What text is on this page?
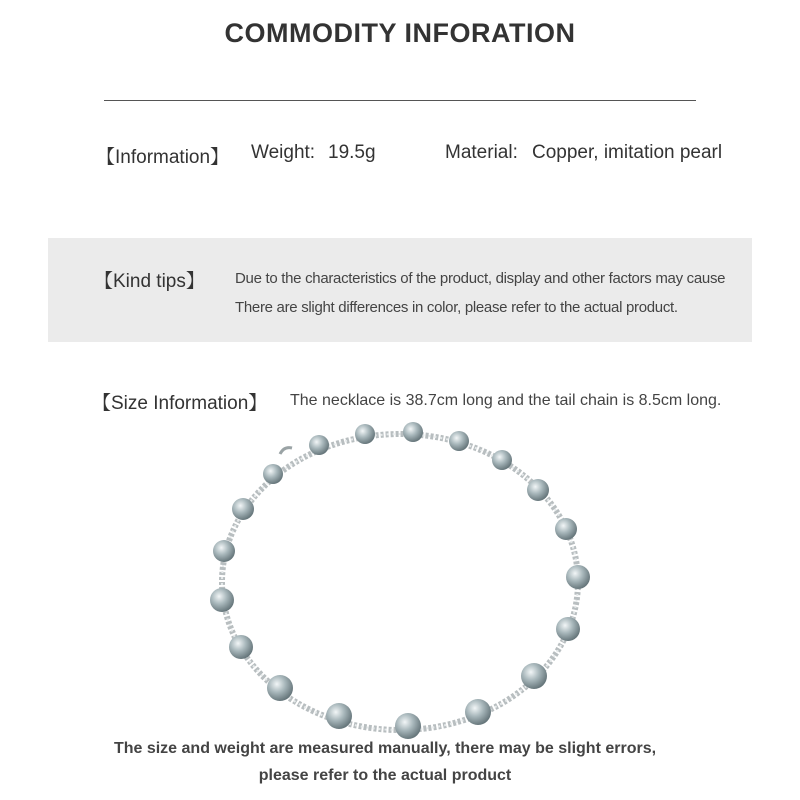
COMMODITY INFORATION
【Information】 Weight: 19.5g	Material: Copper, imitation pearl
【Kind tips】 Due to the characteristics of the product, display and other factors may cause
There are slight differences in color, please refer to the actual product.
【Size Information】 The necklace is 38.7cm long and the tail chain is 8.5cm long.
The size and weight are measured manually, there may be slight errors,
please refer to the actual product
